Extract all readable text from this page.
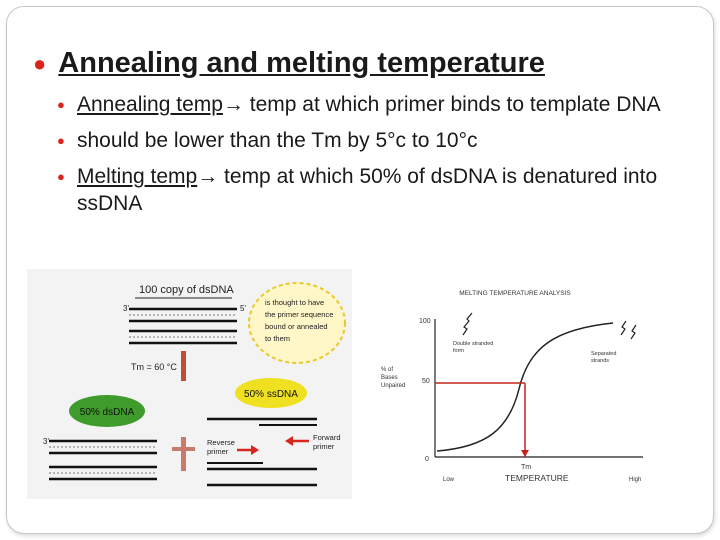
● Annealing and melting temperature
● Annealing temp→ temp at which primer binds to template DNA
● should be lower than the Tm by 5°c to 10°c
● Melting temp→ temp at which 50% of dsDNA is denatured into ssDNA
100 copy of dsDNA
3'	5'
is thought to have
the primer sequence
bound or annealed
to them
Tm = 60 °C
50% dsDNA
50% ssDNA
3'	Forward
primer
Reverse
primer
MELTING TEMPERATURE ANALYSIS
100
50
0
% of
Bases
Unpaired
Tm
Double stranded
form	Separated
strands
Low	TEMPERATURE	High
